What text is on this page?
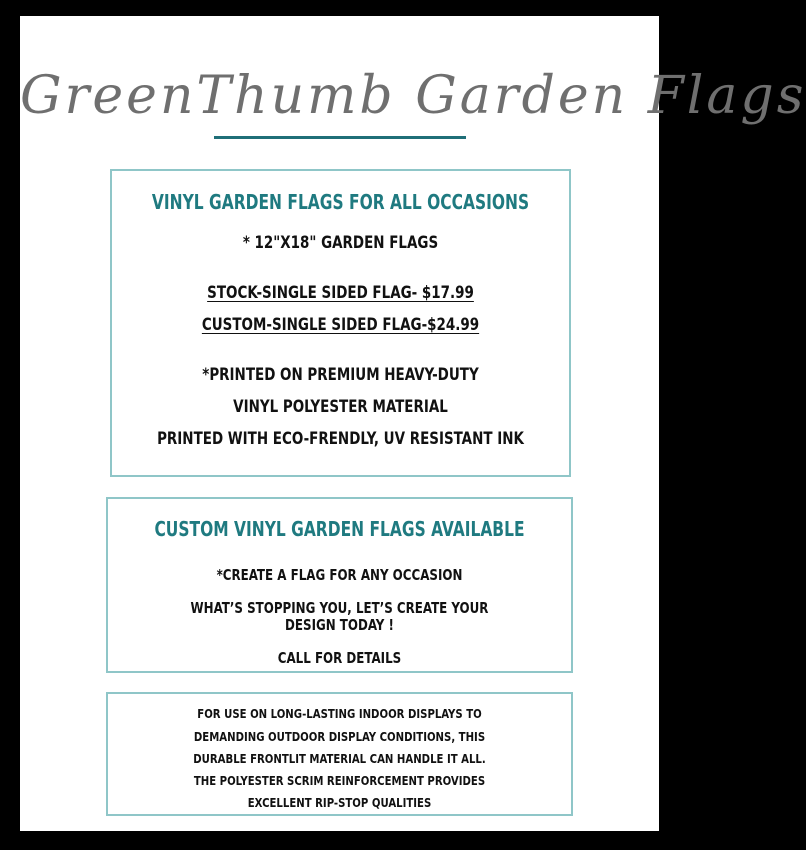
GreenThumb Garden Flags
VINYL GARDEN FLAGS FOR ALL OCCASIONS
* 12"X18" GARDEN FLAGS
STOCK-SINGLE SIDED FLAG- $17.99
CUSTOM-SINGLE SIDED FLAG-$24.99
*PRINTED ON PREMIUM HEAVY-DUTY
VINYL POLYESTER MATERIAL
PRINTED WITH ECO-FRENDLY, UV RESISTANT INK
CUSTOM VINYL GARDEN FLAGS AVAILABLE
*CREATE A FLAG FOR ANY OCCASION
WHAT’S STOPPING YOU, LET’S CREATE YOUR
DESIGN TODAY !
CALL FOR DETAILS
FOR USE ON LONG-LASTING INDOOR DISPLAYS TO
DEMANDING OUTDOOR DISPLAY CONDITIONS, THIS
DURABLE FRONTLIT MATERIAL CAN HANDLE IT ALL.
THE POLYESTER SCRIM REINFORCEMENT PROVIDES
EXCELLENT RIP-STOP QUALITIES
